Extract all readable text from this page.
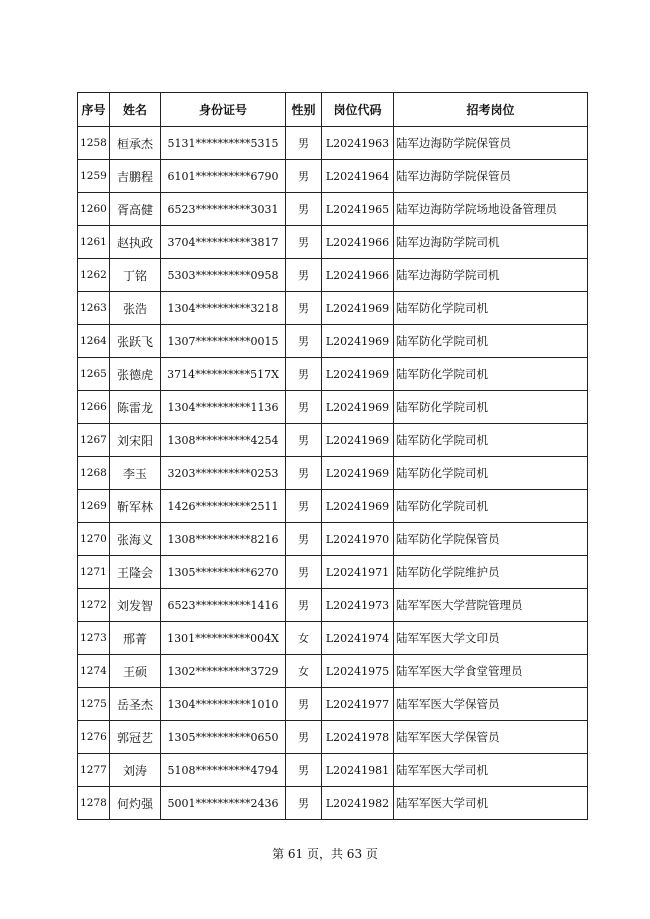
序号	姓名	身份证号	性别	岗位代码	招考岗位
1258	桓承杰	5131**********5315	男	L20241963	陆军边海防学院保管员
1259	吉鹏程	6101**********6790	男	L20241964	陆军边海防学院保管员
1260	胥高健	6523**********3031	男	L20241965	陆军边海防学院场地设备管理员
1261	赵执政	3704**********3817	男	L20241966	陆军边海防学院司机
1262	丁铭	5303**********0958	男	L20241966	陆军边海防学院司机
1263	张浩	1304**********3218	男	L20241969	陆军防化学院司机
1264	张跃飞	1307**********0015	男	L20241969	陆军防化学院司机
1265	张德虎	3714**********517X	男	L20241969	陆军防化学院司机
1266	陈雷龙	1304**********1136	男	L20241969	陆军防化学院司机
1267	刘宋阳	1308**********4254	男	L20241969	陆军防化学院司机
1268	李玉	3203**********0253	男	L20241969	陆军防化学院司机
1269	靳军林	1426**********2511	男	L20241969	陆军防化学院司机
1270	张海义	1308**********8216	男	L20241970	陆军防化学院保管员
1271	王隆会	1305**********6270	男	L20241971	陆军防化学院维护员
1272	刘发智	6523**********1416	男	L20241973	陆军军医大学营院管理员
1273	邢菁	1301**********004X	女	L20241974	陆军军医大学文印员
1274	王硕	1302**********3729	女	L20241975	陆军军医大学食堂管理员
1275	岳圣杰	1304**********1010	男	L20241977	陆军军医大学保管员
1276	郭冠艺	1305**********0650	男	L20241978	陆军军医大学保管员
1277	刘涛	5108**********4794	男	L20241981	陆军军医大学司机
1278	何灼强	5001**********2436	男	L20241982	陆军军医大学司机
第 61 页，共 63 页
